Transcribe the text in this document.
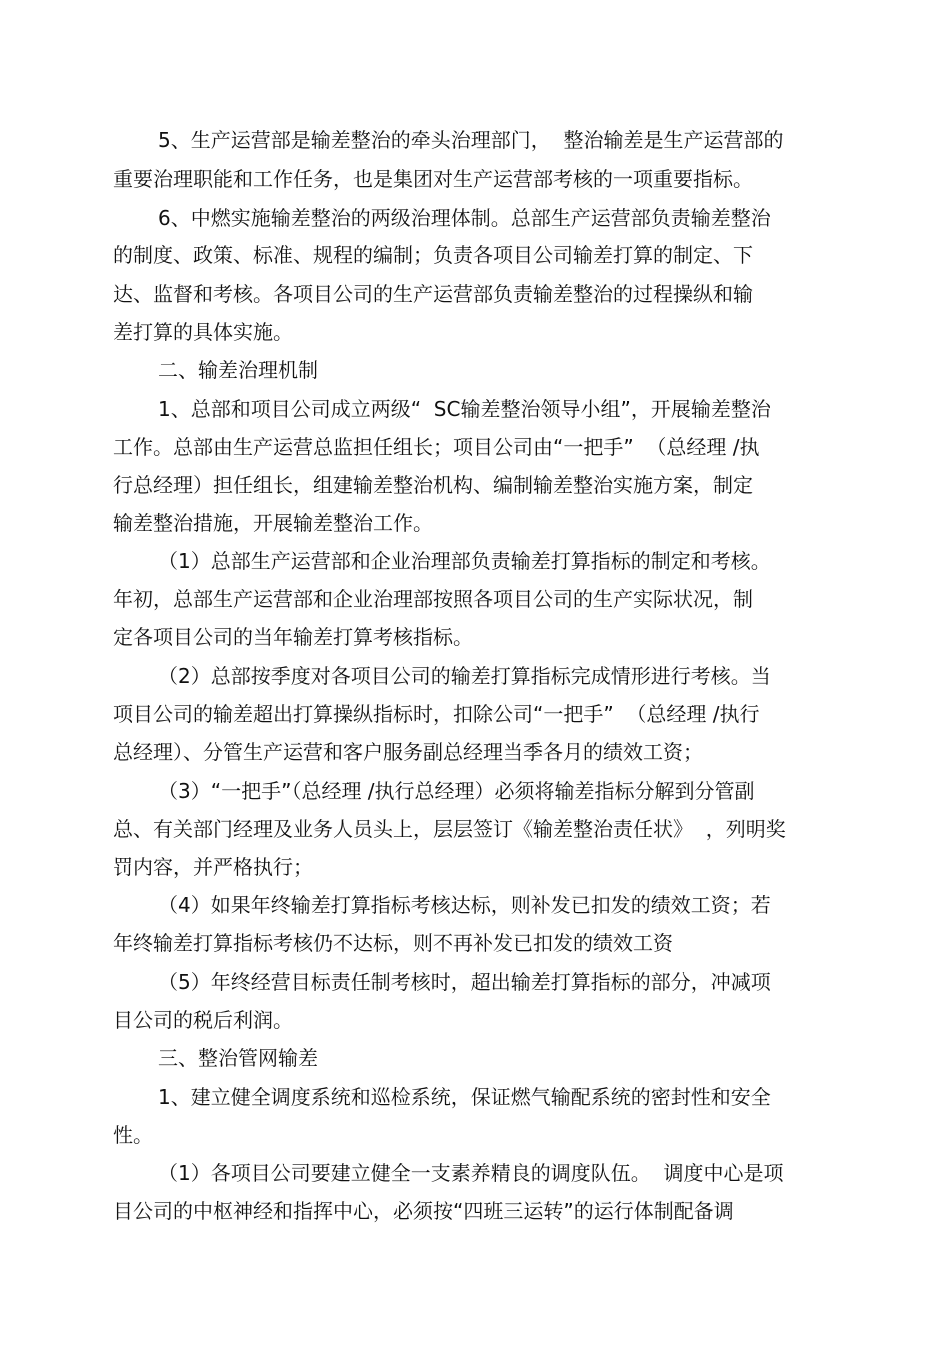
5、生产运营部是输差整治的牵头治理部门，  整治输差是生产运营部的

重要治理职能和工作任务，也是集团对生产运营部考核的一项重要指标。

6、中燃实施输差整治的两级治理体制。总部生产运营部负责输差整治

的制度、政策、标准、规程的编制；负责各项目公司输差打算的制定、下

达、监督和考核。各项目公司的生产运营部负责输差整治的过程操纵和输

差打算的具体实施。

二、输差治理机制

1、总部和项目公司成立两级“  SC输差整治领导小组”，开展输差整治

工作。总部由生产运营总监担任组长；项目公司由“一把手”  （总经理 /执

行总经理）担任组长，组建输差整治机构、编制输差整治实施方案，制定

输差整治措施，开展输差整治工作。

（1）总部生产运营部和企业治理部负责输差打算指标的制定和考核。

年初，总部生产运营部和企业治理部按照各项目公司的生产实际状况，制

定各项目公司的当年输差打算考核指标。

（2）总部按季度对各项目公司的输差打算指标完成情形进行考核。当

项目公司的输差超出打算操纵指标时，扣除公司“一把手”  （总经理 /执行

总经理）、分管生产运营和客户服务副总经理当季各月的绩效工资；

（3）“一把手”（总经理 /执行总经理）必须将输差指标分解到分管副

总、有关部门经理及业务人员头上，层层签订《输差整治责任状》  ，列明奖

罚内容，并严格执行；

（4）如果年终输差打算指标考核达标，则补发已扣发的绩效工资；若

年终输差打算指标考核仍不达标，则不再补发已扣发的绩效工资

（5）年终经营目标责任制考核时，超出输差打算指标的部分，冲减项

目公司的税后利润。

三、整治管网输差

1、建立健全调度系统和巡检系统，保证燃气输配系统的密封性和安全

性。

（1）各项目公司要建立健全一支素养精良的调度队伍。  调度中心是项

目公司的中枢神经和指挥中心，必须按“四班三运转”的运行体制配备调
